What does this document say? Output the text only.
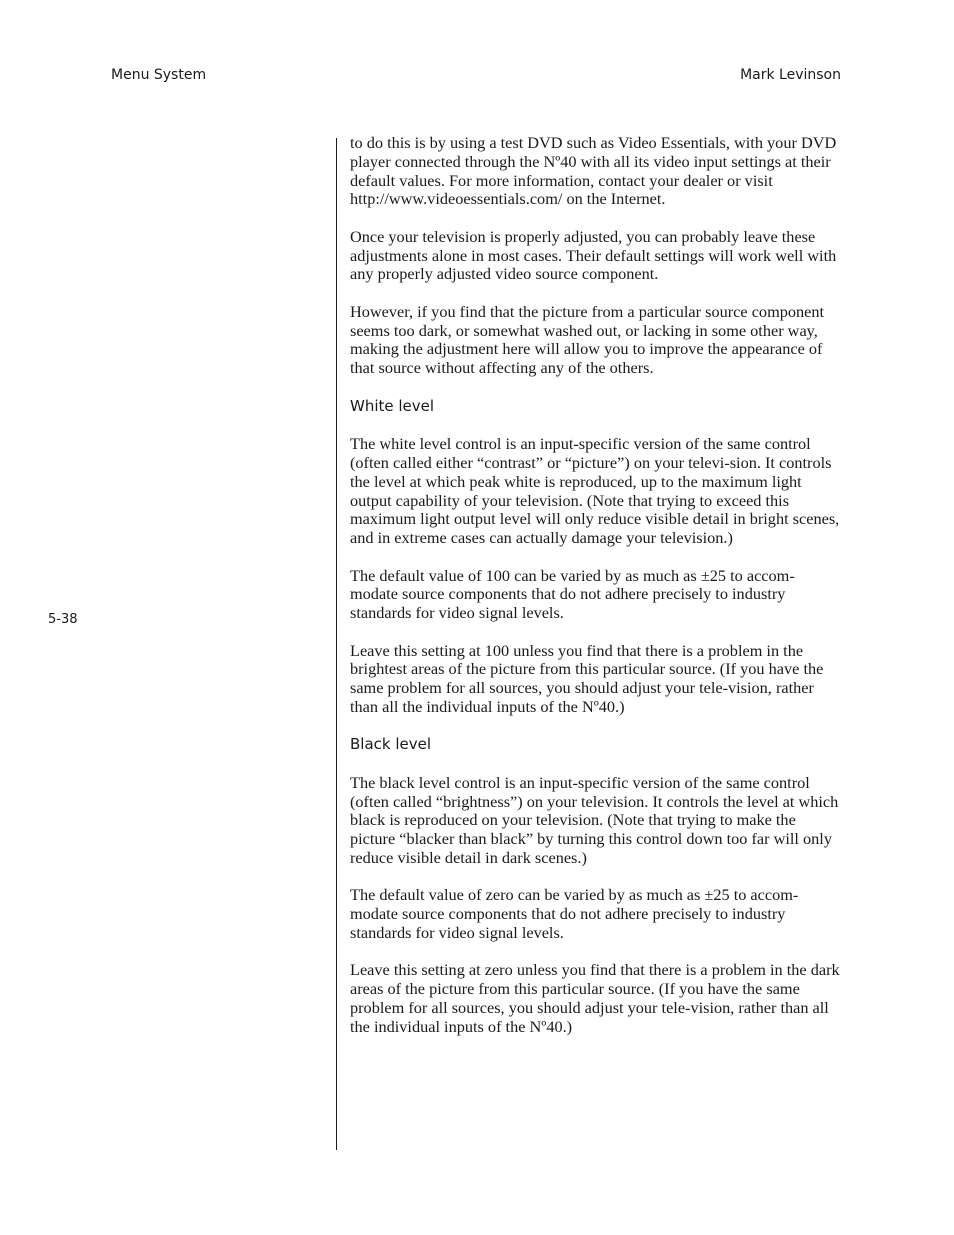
Menu System	Mark Levinson
5-38

to do this is by using a test DVD such as Video Essentials, with your DVD player connected through the Nº40 with all its video input settings at their default values. For more information, contact your dealer or visit http://www.videoessentials.com/ on the Internet.

Once your television is properly adjusted, you can probably leave these adjustments alone in most cases. Their default settings will work well with any properly adjusted video source component.

However, if you find that the picture from a particular source component seems too dark, or somewhat washed out, or lacking in some other way, making the adjustment here will allow you to improve the appearance of that source without affecting any of the others.

White level

The white level control is an input-specific version of the same control (often called either “contrast” or “picture”) on your televi-sion. It controls the level at which peak white is reproduced, up to the maximum light output capability of your television. (Note that trying to exceed this maximum light output level will only reduce visible detail in bright scenes, and in extreme cases can actually damage your television.)

The default value of 100 can be varied by as much as ±25 to accom-modate source components that do not adhere precisely to industry standards for video signal levels.

Leave this setting at 100 unless you find that there is a problem in the brightest areas of the picture from this particular source. (If you have the same problem for all sources, you should adjust your tele-vision, rather than all the individual inputs of the Nº40.)

Black level

The black level control is an input-specific version of the same control (often called “brightness”) on your television. It controls the level at which black is reproduced on your television. (Note that trying to make the picture “blacker than black” by turning this control down too far will only reduce visible detail in dark scenes.)

The default value of zero can be varied by as much as ±25 to accom-modate source components that do not adhere precisely to industry standards for video signal levels.

Leave this setting at zero unless you find that there is a problem in the dark areas of the picture from this particular source. (If you have the same problem for all sources, you should adjust your tele-vision, rather than all the individual inputs of the Nº40.)
